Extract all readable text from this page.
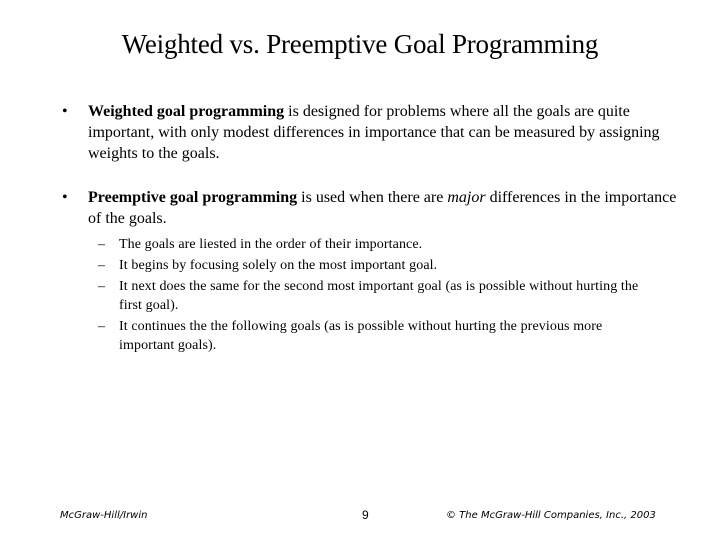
Weighted vs. Preemptive Goal Programming
• Weighted goal programming is designed for problems where all the goals are quite important, with only modest differences in importance that can be measured by assigning weights to the goals.
• Preemptive goal programming is used when there are major differences in the importance of the goals.
– The goals are liested in the order of their importance.
– It begins by focusing solely on the most important goal.
– It next does the same for the second most important goal (as is possible without hurting the first goal).
– It continues the the following goals (as is possible without hurting the previous more important goals).
McGraw-Hill/Irwin	9	© The McGraw-Hill Companies, Inc., 2003
